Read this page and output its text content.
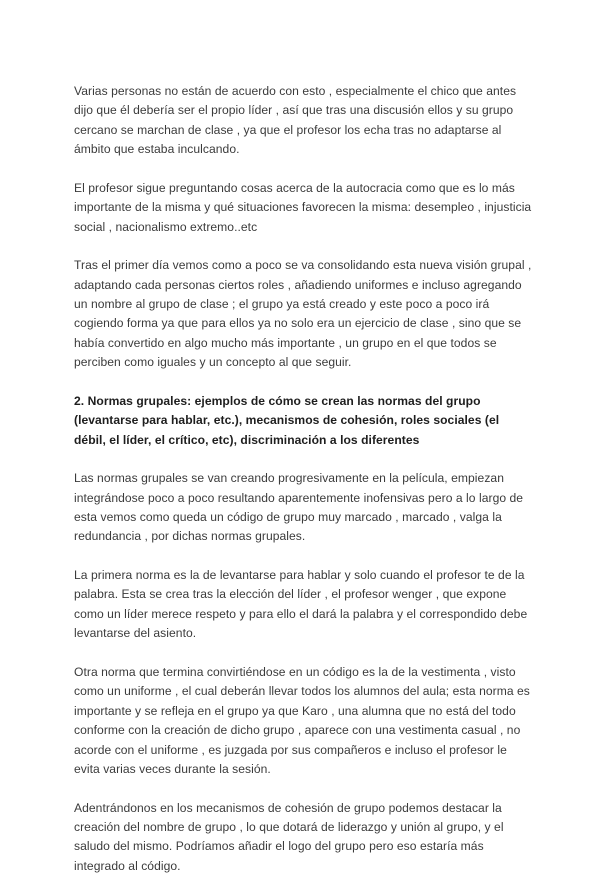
Varias personas no están de acuerdo con esto , especialmente el chico que antes dijo que él debería ser el propio líder , así que tras una discusión ellos y su grupo cercano se marchan de clase , ya que el profesor los echa tras no adaptarse al ámbito que estaba inculcando.

El profesor sigue preguntando cosas acerca de la autocracia como que es lo más importante de la misma y qué situaciones favorecen la misma: desempleo , injusticia social , nacionalismo extremo..etc

Tras el primer día vemos como a poco se va consolidando esta nueva visión grupal , adaptando cada personas ciertos roles , añadiendo uniformes e incluso agregando un nombre al grupo de clase ; el grupo ya está creado y este poco a poco irá cogiendo forma ya que para ellos ya no solo era un ejercicio de clase , sino que se había convertido en algo mucho más importante , un grupo en el que todos se perciben como iguales y un concepto al que seguir.

2. Normas grupales: ejemplos de cómo se crean las normas del grupo (levantarse para hablar, etc.), mecanismos de cohesión, roles sociales (el débil, el líder, el crítico, etc), discriminación a los diferentes

Las normas grupales se van creando progresivamente en la película, empiezan integrándose poco a poco resultando aparentemente inofensivas pero a lo largo de esta vemos como queda un código de grupo muy marcado , marcado , valga la redundancia , por dichas normas grupales.

La primera norma es la de levantarse para hablar y solo cuando el profesor te de la palabra. Esta se crea tras la elección del líder , el profesor wenger , que expone como un líder merece respeto y para ello el dará la palabra y el correspondido debe levantarse del asiento.

Otra norma que termina convirtiéndose en un código es la de la vestimenta , visto como un uniforme , el cual deberán llevar todos los alumnos del aula; esta norma es importante y se refleja en el grupo ya que Karo , una alumna que no está del todo conforme con la creación de dicho grupo , aparece con una vestimenta casual , no acorde con el uniforme , es juzgada por sus compañeros e incluso el profesor le evita varias veces durante la sesión.

Adentrándonos en los mecanismos de cohesión de grupo podemos destacar la creación del nombre de grupo , lo que dotará de liderazgo y unión al grupo, y el saludo del mismo. Podríamos añadir el logo del grupo pero eso estaría más integrado al código.
